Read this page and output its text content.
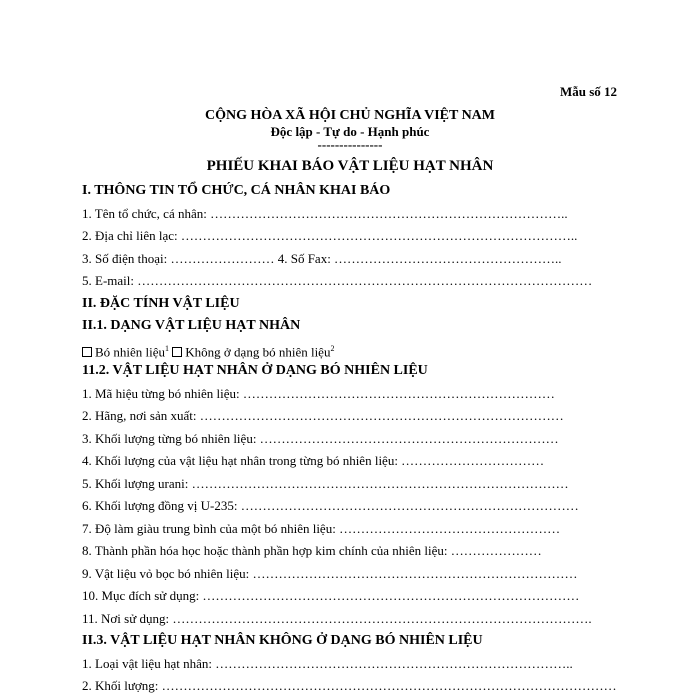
Mẫu số 12
CỘNG HÒA XÃ HỘI CHỦ NGHĨA VIỆT NAM
Độc lập - Tự do - Hạnh phúc
---------------
PHIẾU KHAI BÁO VẬT LIỆU HẠT NHÂN
I. THÔNG TIN TỔ CHỨC, CÁ NHÂN KHAI BÁO
1. Tên tổ chức, cá nhân: ………………………………………………………………………..
2. Địa chỉ liên lạc: ………………………………………………………………………………..
3. Số điện thoại: …………………… 4. Số Fax: ……………………………………………..
5. E-mail: ……………………………………………………………………………………………
II. ĐẶC TÍNH VẬT LIỆU
II.1. DẠNG VẬT LIỆU HẠT NHÂN
Bó nhiên liệu$^1$ Không ở dạng bó nhiên liệu$^2$
11.2. VẬT LIỆU HẠT NHÂN Ở DẠNG BÓ NHIÊN LIỆU
1. Mã hiệu từng bó nhiên liệu: ………………………………………………………………
2. Hãng, nơi sản xuất: …………………………………………………………………………
3. Khối lượng từng bó nhiên liệu: ……………………………………………………………
4. Khối lượng của vật liệu hạt nhân trong từng bó nhiên liệu: ……………………………
5. Khối lượng urani: ……………………………………………………………………………
6. Khối lượng đồng vị U-235: ……………………………………………………………………
7. Độ làm giàu trung bình của một bó nhiên liệu: ……………………………………………
8. Thành phần hóa học hoặc thành phần hợp kim chính của nhiên liệu: …………………
9. Vật liệu vỏ bọc bó nhiên liệu: …………………………………………………………………
10. Mục đích sử dụng: ……………………………………………………………………………
11. Nơi sử dụng: …………………………………………………………………………………….
II.3. VẬT LIỆU HẠT NHÂN KHÔNG Ở DẠNG BÓ NHIÊN LIỆU
1. Loại vật liệu hạt nhân: ………………………………………………………………………..
2. Khối lượng: ……………………………………………………………………………………………
